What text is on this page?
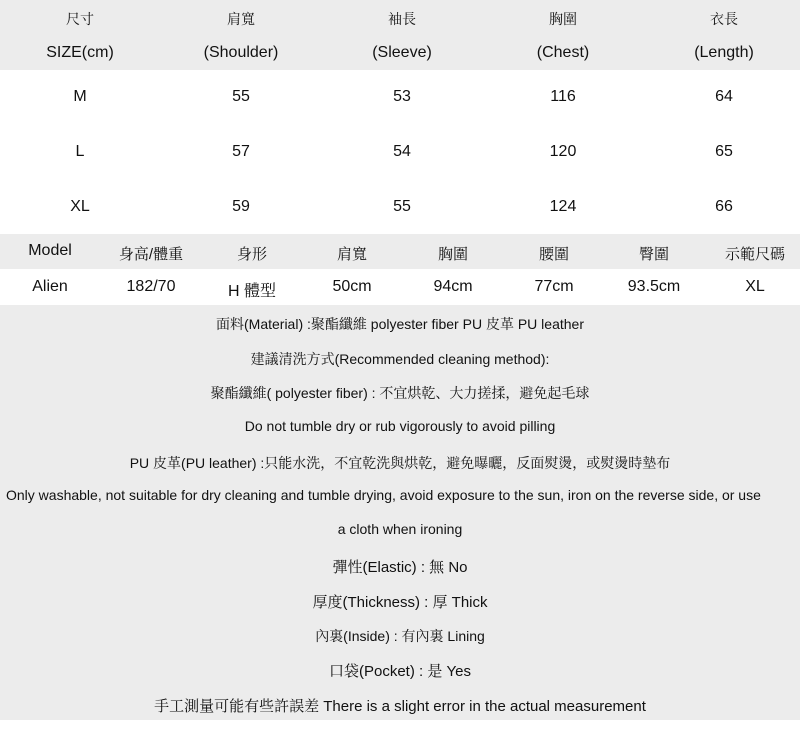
尺寸	肩寬	袖長	胸圍	衣長
SIZE(cm)	(Shoulder)	(Sleeve)	(Chest)	(Length)
M	55	53	116	64
L	57	54	120	65
XL	59	55	124	66
Model	身高/體重	身形	肩寬	胸圍	腰圍	臀圍	示範尺碼
Alien	182/70	H 體型	50cm	94cm	77cm	93.5cm	XL
面料(Material) :聚酯纖維 polyester fiber PU 皮革 PU leather
建議清洗方式(Recommended cleaning method):
聚酯纖維( polyester fiber) : 不宜烘乾、大力搓揉，避免起毛球
Do not tumble dry or rub vigorously to avoid pilling
PU 皮革(PU leather) :只能水洗，不宜乾洗與烘乾，避免曝曬，反面熨燙，或熨燙時墊布
Only washable, not suitable for dry cleaning and tumble drying, avoid exposure to the sun, iron on the reverse side, or use
a cloth when ironing
彈性(Elastic) : 無 No
厚度(Thickness) : 厚 Thick
內裏(Inside) : 有內裏 Lining
口袋(Pocket) : 是 Yes
手工測量可能有些許誤差 There is a slight error in the actual measurement
